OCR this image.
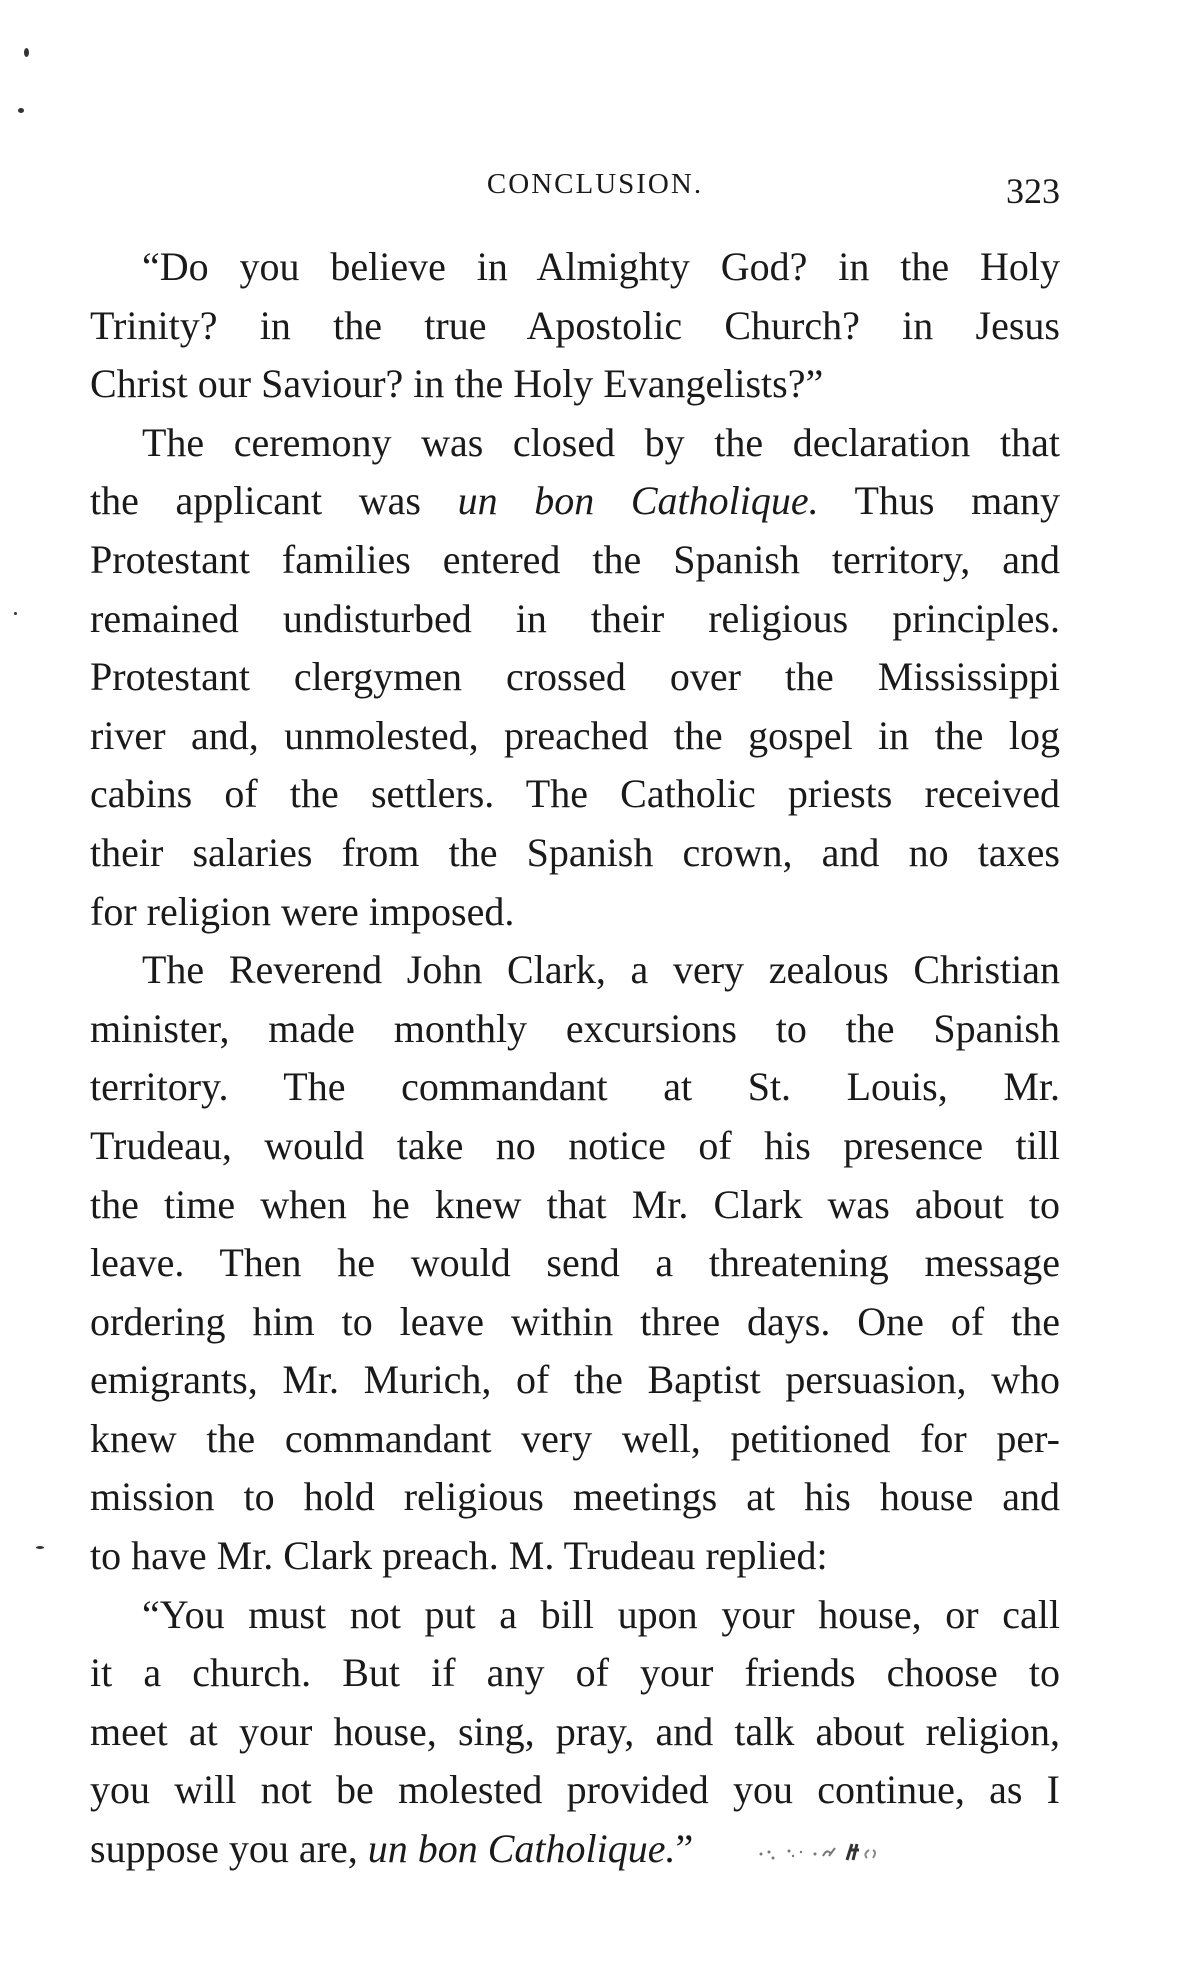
CONCLUSION.	323
“Do you believe in Almighty God? in the Holy
Trinity? in the true Apostolic Church? in Jesus
Christ our Saviour? in the Holy Evangelists?”
The ceremony was closed by the declaration that
the applicant was un bon Catholique. Thus many
Protestant families entered the Spanish territory, and
remained undisturbed in their religious principles.
Protestant clergymen crossed over the Mississippi
river and, unmolested, preached the gospel in the log
cabins of the settlers. The Catholic priests received
their salaries from the Spanish crown, and no taxes
for religion were imposed.
The Reverend John Clark, a very zealous Christian
minister, made monthly excursions to the Spanish
territory. The commandant at St. Louis, Mr.
Trudeau, would take no notice of his presence till
the time when he knew that Mr. Clark was about to
leave. Then he would send a threatening message
ordering him to leave within three days. One of the
emigrants, Mr. Murich, of the Baptist persuasion, who
knew the commandant very well, petitioned for per-
mission to hold religious meetings at his house and
to have Mr. Clark preach. M. Trudeau replied:
“You must not put a bill upon your house, or call
it a church. But if any of your friends choose to
meet at your house, sing, pray, and talk about religion,
you will not be molested provided you continue, as I
suppose you are, un bon Catholique.”
